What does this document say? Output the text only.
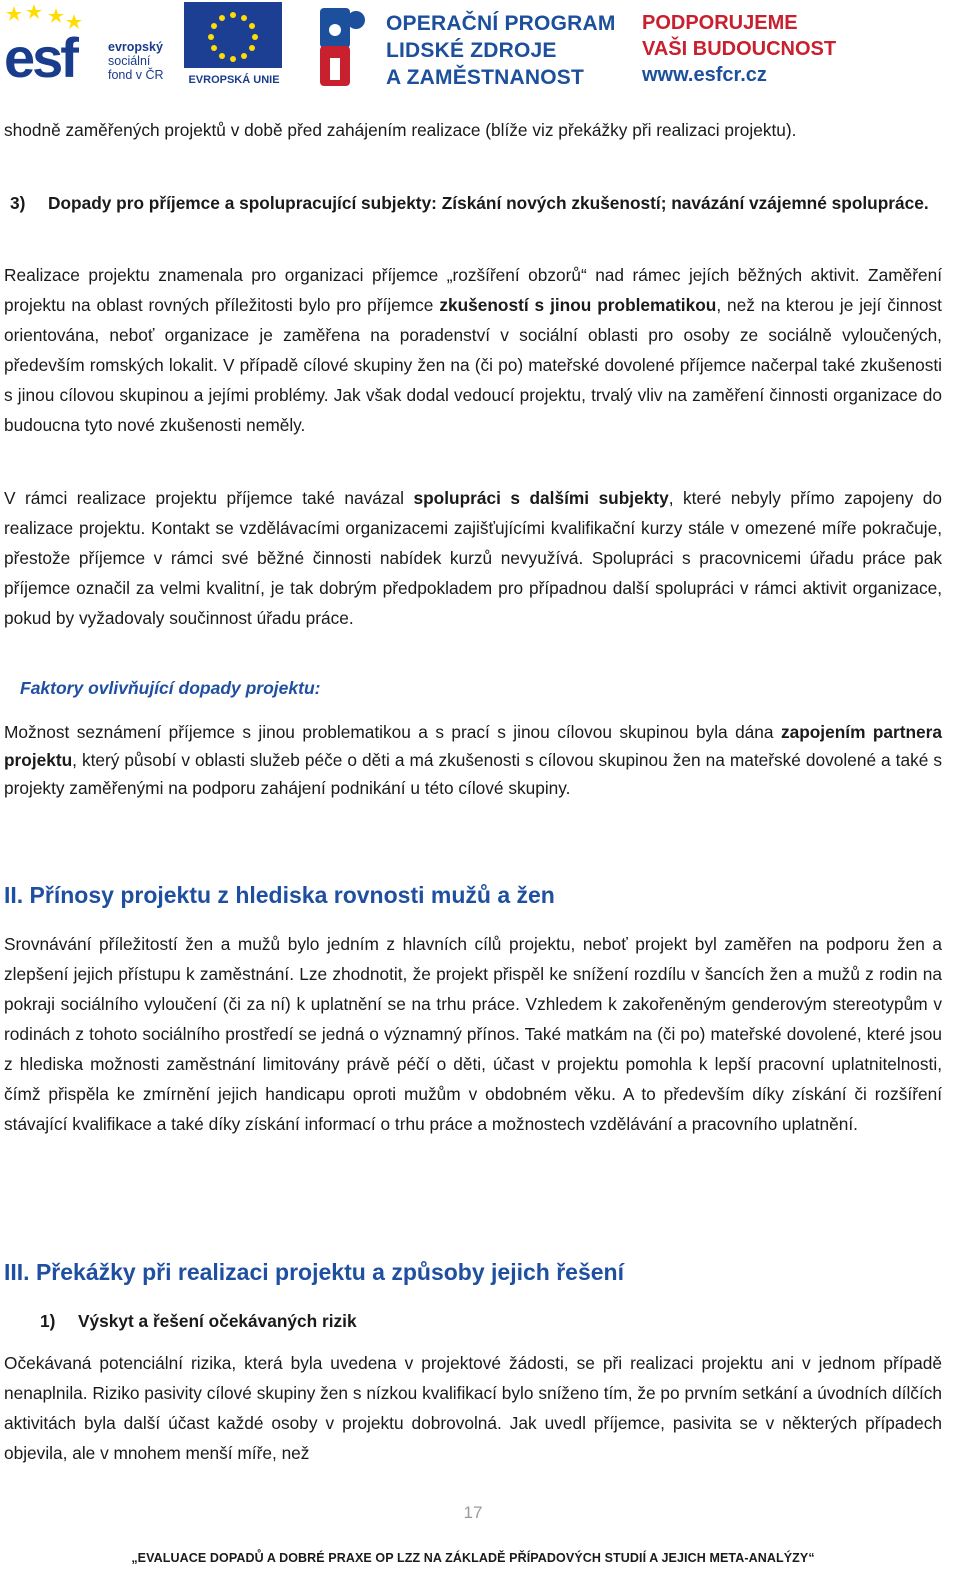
esf	evropský
sociální
fond v ČR	EVROPSKÁ UNIE
OPERAČNÍ PROGRAM
LIDSKÉ ZDROJE
A ZAMĚSTNANOST
PODPORUJEME
VAŠI BUDOUCNOST
www.esfcr.cz
shodně zaměřených projektů v době před zahájením realizace (blíže viz překážky při realizaci projektu).
3) Dopady pro příjemce a spolupracující subjekty: Získání nových zkušeností; navázání vzájemné spolupráce.
Realizace projektu znamenala pro organizaci příjemce „rozšíření obzorů“ nad rámec jejích běžných aktivit. Zaměření projektu na oblast rovných příležitosti bylo pro příjemce zkušeností s jinou problematikou, než na kterou je její činnost orientována, neboť organizace je zaměřena na poradenství v sociální oblasti pro osoby ze sociálně vyloučených, především romských lokalit. V případě cílové skupiny žen na (či po) mateřské dovolené příjemce načerpal také zkušenosti s jinou cílovou skupinou a jejími problémy. Jak však dodal vedoucí projektu, trvalý vliv na zaměření činnosti organizace do budoucna tyto nové zkušenosti neměly.
V rámci realizace projektu příjemce také navázal spolupráci s dalšími subjekty, které nebyly přímo zapojeny do realizace projektu. Kontakt se vzdělávacími organizacemi zajišťujícími kvalifikační kurzy stále v omezené míře pokračuje, přestože příjemce v rámci své běžné činnosti nabídek kurzů nevyužívá. Spolupráci s pracovnicemi úřadu práce pak příjemce označil za velmi kvalitní, je tak dobrým předpokladem pro případnou další spolupráci v rámci aktivit organizace, pokud by vyžadovaly součinnost úřadu práce.
Faktory ovlivňující dopady projektu:
Možnost seznámení příjemce s jinou problematikou a s prací s jinou cílovou skupinou byla dána zapojením partnera projektu, který působí v oblasti služeb péče o děti a má zkušenosti s cílovou skupinou žen na mateřské dovolené a také s projekty zaměřenými na podporu zahájení podnikání u této cílové skupiny.
II. Přínosy projektu z hlediska rovnosti mužů a žen
Srovnávání příležitostí žen a mužů bylo jedním z hlavních cílů projektu, neboť projekt byl zaměřen na podporu žen a zlepšení jejich přístupu k zaměstnání. Lze zhodnotit, že projekt přispěl ke snížení rozdílu v šancích žen a mužů z rodin na pokraji sociálního vyloučení (či za ní) k uplatnění se na trhu práce. Vzhledem k zakořeněným genderovým stereotypům v rodinách z tohoto sociálního prostředí se jedná o významný přínos. Také matkám na (či po) mateřské dovolené, které jsou z hlediska možnosti zaměstnání limitovány právě péčí o děti, účast v projektu pomohla k lepší pracovní uplatnitelnosti, čímž přispěla ke zmírnění jejich handicapu oproti mužům v obdobném věku. A to především díky získání či rozšíření stávající kvalifikace a také díky získání informací o trhu práce a možnostech vzdělávání a pracovního uplatnění.
III. Překážky při realizaci projektu a způsoby jejich řešení
1) Výskyt a řešení očekávaných rizik
Očekávaná potenciální rizika, která byla uvedena v projektové žádosti, se při realizaci projektu ani v jednom případě nenaplnila. Riziko pasivity cílové skupiny žen s nízkou kvalifikací bylo sníženo tím, že po prvním setkání a úvodních dílčích aktivitách byla další účast každé osoby v projektu dobrovolná. Jak uvedl příjemce, pasivita se v některých případech objevila, ale v mnohem menší míře, než
17
„EVALUACE DOPADŮ A DOBRÉ PRAXE OP LZZ NA ZÁKLADĚ PŘÍPADOVÝCH STUDIÍ A JEJICH META-ANALÝZY“
